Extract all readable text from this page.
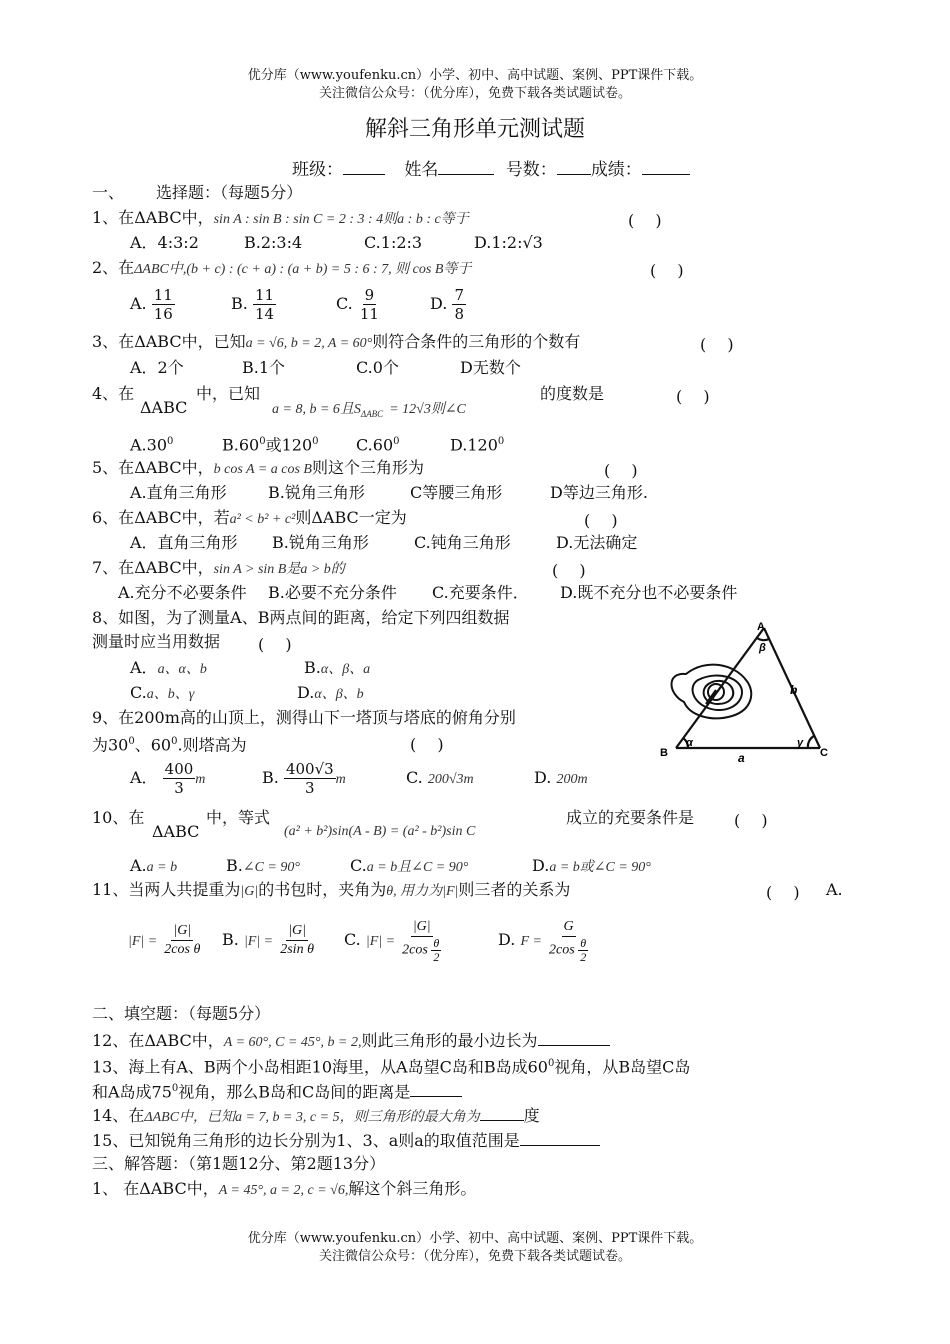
优分库（www.youfenku.cn）小学、初中、高中试题、案例、PPT课件下载。
关注微信公众号：（优分库），免费下载各类试题试卷。
解斜三角形单元测试题
班级：	姓名	号数： 成绩：
一、 选择题：（每题5分）
1、在ΔABC中，sin A : sin B : sin C = 2 : 3 : 4则a : b : c等于	(　 )
A．4:3:2	B.2:3:4	C.1:2:3	D.1:2:√3
2、在ΔABC中,(b + c) : (c + a) : (a + b) = 5 : 6 : 7, 则 cos B等于	(　 )
A. $\frac{11}{16}$	B. $\frac{11}{14}$	C. $\frac{9}{11}$	D. $\frac{7}{8}$
3、在ΔABC中，已知a = √6, b = 2, A = 60°则符合条件的三角形的个数有	(　 )
A．2个	B.1个	C.0个	D无数个
4、在
ΔABC
中，已知
a = 8, b = 6且$S_{\Delta ABC} = 12√3$则∠C
的度数是	(　 )
$A.30^0$	$B.60^0$或$120^0$ $C.60^0$	D.120$^0$
5、在ΔABC中，b cos A = a cos B则这个三角形为	(　 )
A.直角三角形	B.锐角三角形	C等腰三角形	D等边三角形.
6、在ΔABC中，若a² < b² + c²则ΔABC一定为	(　 )
A．直角三角形 B.锐角三角形	C.钝角三角形	D.无法确定
7、在ΔABC中，sin A > sin B是a > b的	(　 )
A.充分不必要条件 B.必要不充分条件 C.充要条件． D.既不充分也不必要条件
8、如图，为了测量A、B两点间的距离，给定下列四组数据
测量时应当用数据 (　 )
A．a、α、b	B.α、β、a
C.a、b、γ	D.α、β、b
A
B	C
α
β
γ
a
b
9、在200m高的山顶上，测得山下一塔顶与塔底的俯角分别
为$30^0$、$60^0$.则塔高为	(　 )
A． $\frac{400}{3}$ m	B. $\frac{400√3}{3}$ m	C. 200√3m	D. 200m
10、在
ΔABC
中，等式
(a² + b²)sin(A - B) = (a² - b²)sin C
成立的充要条件是 (　 )
A.a = b	B.∠C = 90°	C.a = b且∠C = 90°	D.a = b或∠C = 90°
11、当两人共提重为|G|的书包时，夹角为θ, 用力为|F|则三者的关系为	(　 ) A.
$|F| = \frac{|G|}{\text{2cos θ}} B$. $|F| = \frac{|G|}{\text{2sin θ}} C$. $|F| = \frac{|G|}{2\cos \frac{\theta}{2}}$	D. $F = \frac{G}{2\cos \frac{\theta}{2}}$
二、填空题：（每题5分）
12、在ΔABC中，A = 60°, C = 45°, b = 2,则此三角形的最小边长为
13、海上有A、B两个小岛相距10海里，从A岛望C岛和B岛成$60^0$视角，从B岛望C岛
和A岛成$75^0$视角，那么B岛和C岛间的距离是
14、在ΔABC中，已知a = 7, b = 3, c = 5，则三角形的最大角为	度
15、已知锐角三角形的边长分别为1、3、a则a的取值范围是
三、解答题：（第1题12分、第2题13分）
1、 在ΔABC中，A = 45°, a = 2, c = √6,解这个斜三角形。
优分库（www.youfenku.cn）小学、初中、高中试题、案例、PPT课件下载。
关注微信公众号：（优分库），免费下载各类试题试卷。
